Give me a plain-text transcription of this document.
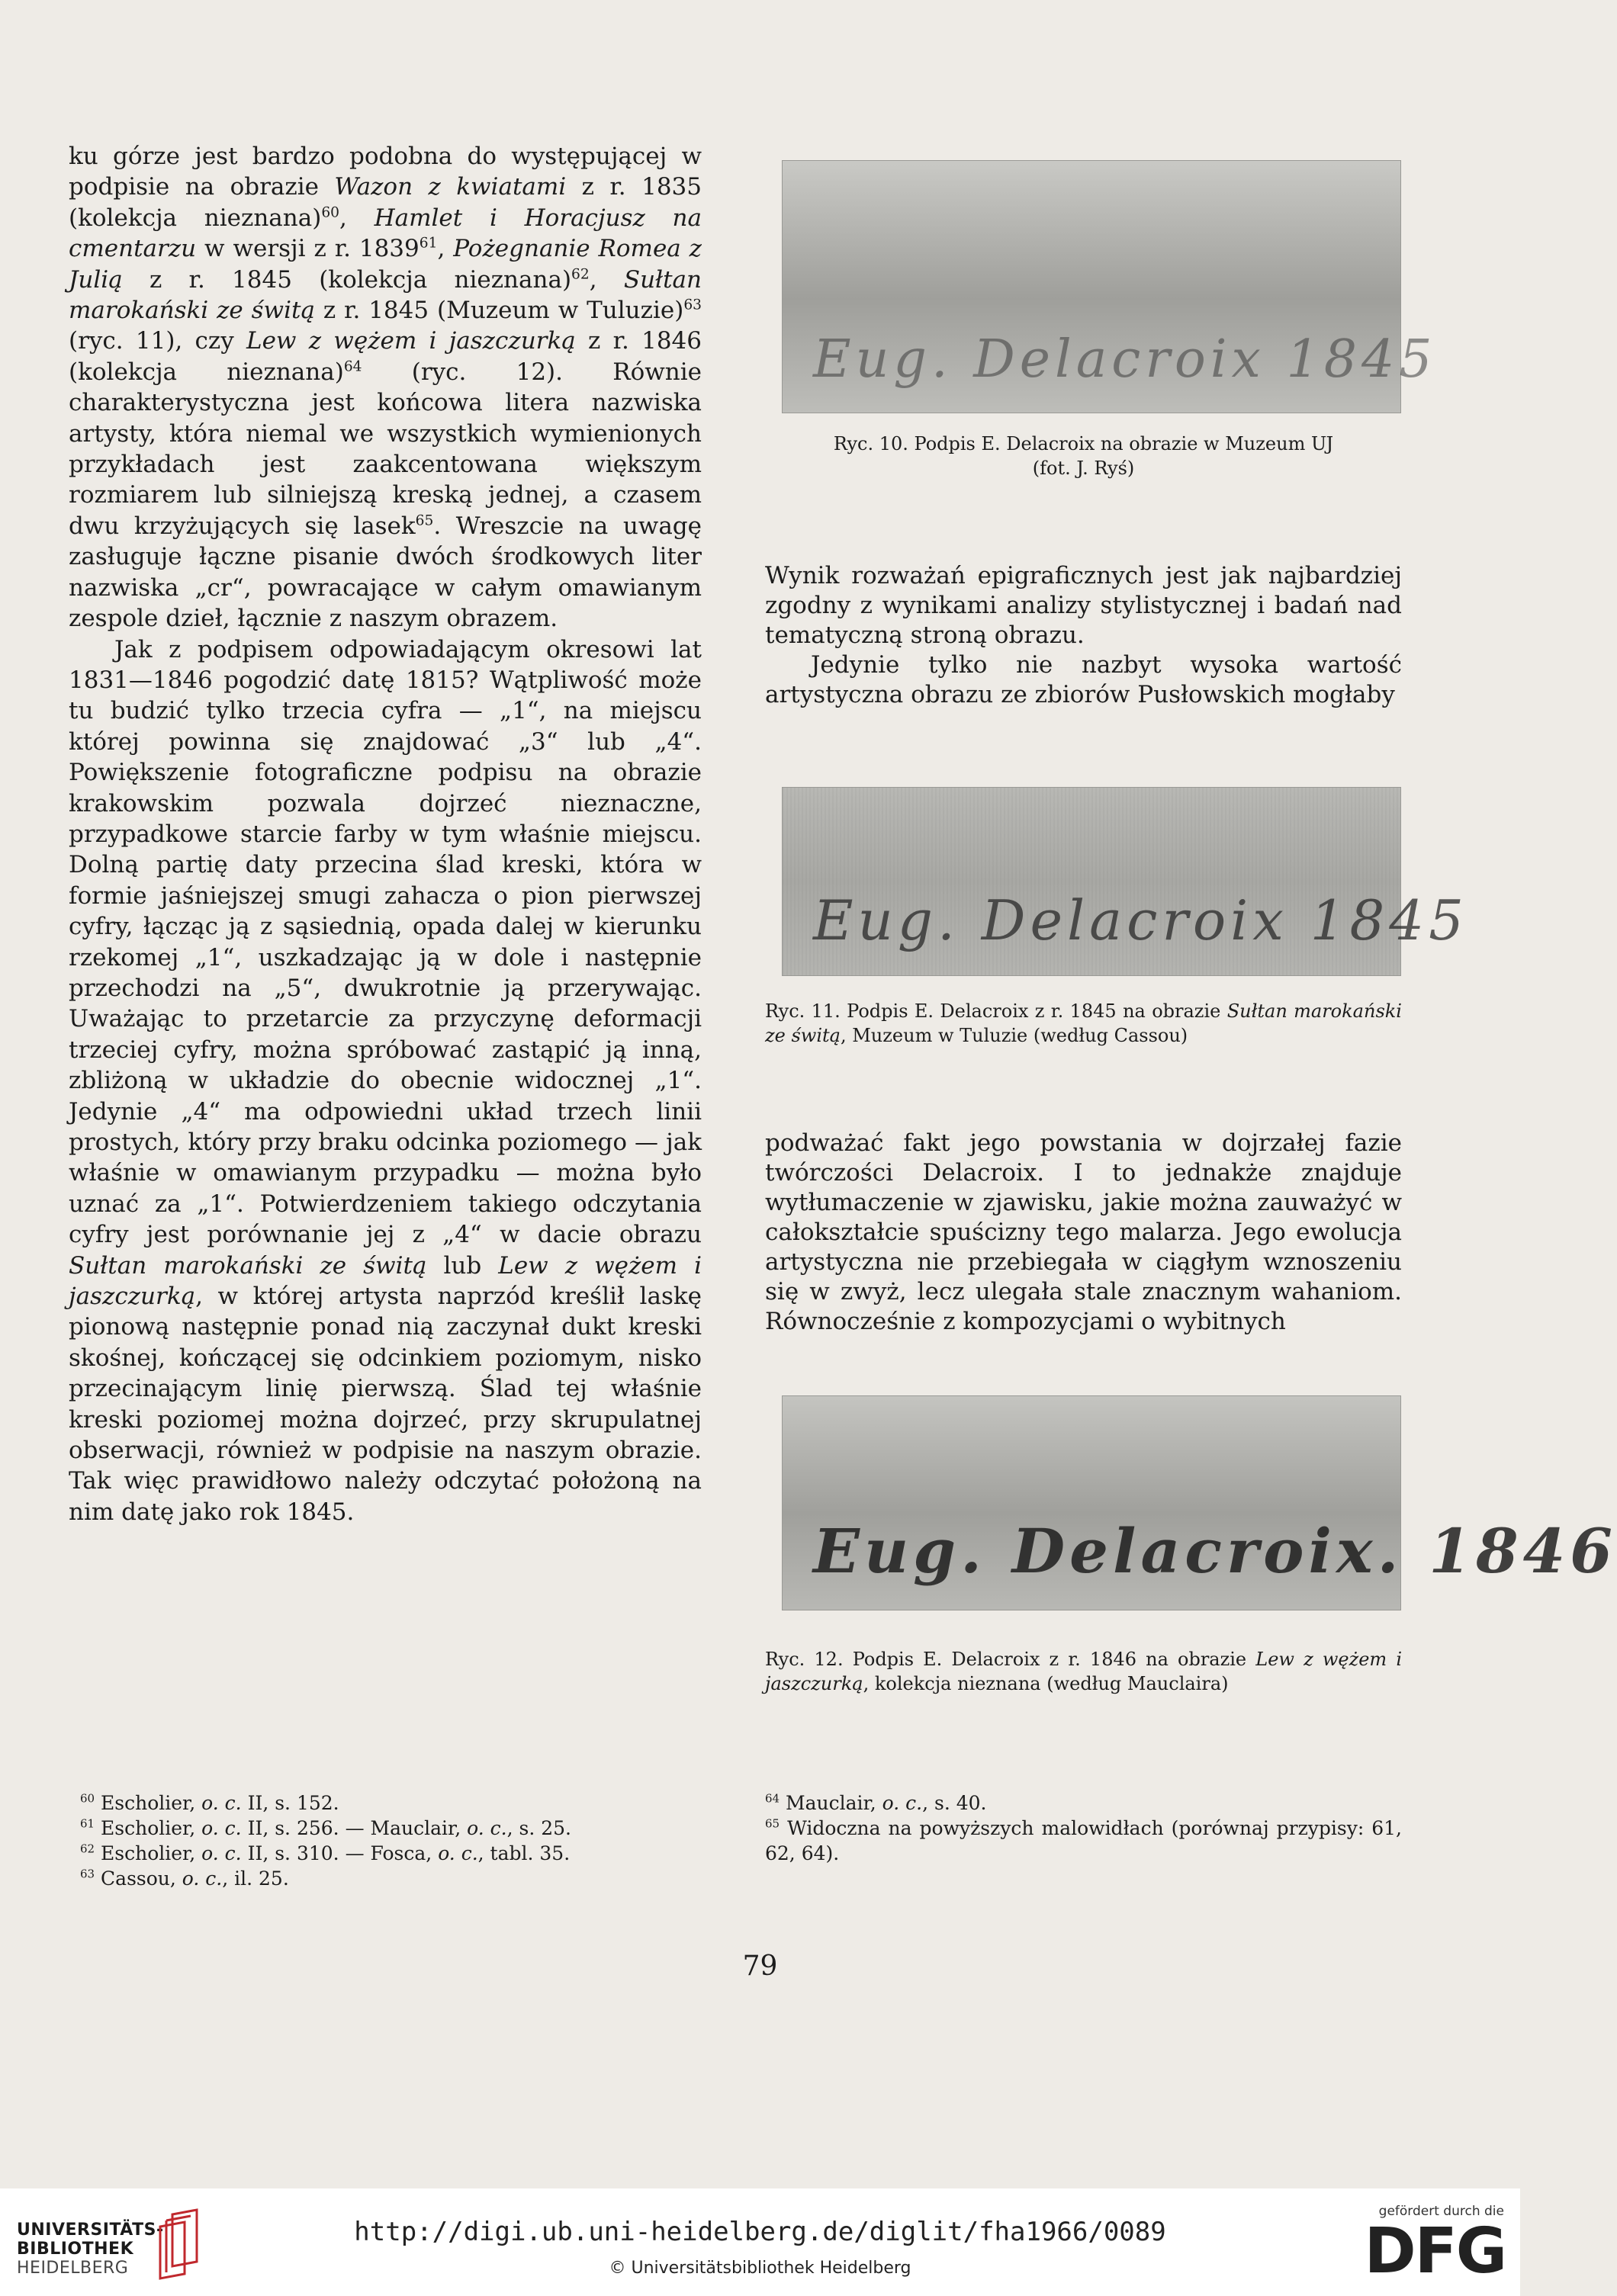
ku górze jest bardzo podobna do występującej w podpisie na obrazie Wazon z kwiatami z r. 1835 (kolekcja nieznana)$^{60}$, Hamlet i Horacjusz na cmentarzu w wersji z r. 1839$^{61}$, Pożegnanie Romea z Julią z r. 1845 (kolekcja nieznana)$^{62}$, Sułtan marokański ze świtą z r. 1845 (Muzeum w Tuluzie)$^{63}$ (ryc. 11), czy Lew z wężem i jaszczurką z r. 1846 (kolekcja nieznana)$^{64}$ (ryc. 12). Równie charakterystyczna jest końcowa litera nazwiska artysty, która niemal we wszystkich wymienionych przykładach jest zaakcentowana większym rozmiarem lub silniejszą kreską jednej, a czasem dwu krzyżujących się lasek$^{65}$. Wreszcie na uwagę zasługuje łączne pisanie dwóch środkowych liter nazwiska „cr“, powracające w całym omawianym zespole dzieł, łącznie z naszym obrazem.

Jak z podpisem odpowiadającym okresowi lat 1831—1846 pogodzić datę 1815? Wątpliwość może tu budzić tylko trzecia cyfra — „1“, na miejscu której powinna się znajdować „3“ lub „4“. Powiększenie fotograficzne podpisu na obrazie krakowskim pozwala dojrzeć nieznaczne, przypadkowe starcie farby w tym właśnie miejscu. Dolną partię daty przecina ślad kreski, która w formie jaśniejszej smugi zahacza o pion pierwszej cyfry, łącząc ją z sąsiednią, opada dalej w kierunku rzekomej „1“, uszkadzając ją w dole i następnie przechodzi na „5“, dwukrotnie ją przerywając. Uważając to przetarcie za przyczynę deformacji trzeciej cyfry, można spróbować zastąpić ją inną, zbliżoną w układzie do obecnie widocznej „1“. Jedynie „4“ ma odpowiedni układ trzech linii prostych, który przy braku odcinka poziomego — jak właśnie w omawianym przypadku — można było uznać za „1“. Potwierdzeniem takiego odczytania cyfry jest porównanie jej z „4“ w dacie obrazu Sułtan marokański ze świtą lub Lew z wężem i jaszczurką, w której artysta naprzód kreślił laskę pionową następnie ponad nią zaczynał dukt kreski skośnej, kończącej się odcinkiem poziomym, nisko przecinającym linię pierwszą. Ślad tej właśnie kreski poziomej można dojrzeć, przy skrupulatnej obserwacji, również w podpisie na naszym obrazie. Tak więc prawidłowo należy odczytać położoną na nim datę jako rok 1845.

Eug. Delacroix 1845
Ryc. 10. Podpis E. Delacroix na obrazie w Muzeum UJ
(fot. J. Ryś)

Wynik rozważań epigraficznych jest jak najbardziej zgodny z wynikami analizy stylistycznej i badań nad tematyczną stroną obrazu.

Jedynie tylko nie nazbyt wysoka wartość artystyczna obrazu ze zbiorów Pusłowskich mogłaby

Eug. Delacroix 1845
Ryc. 11. Podpis E. Delacroix z r. 1845 na obrazie Sułtan marokański ze świtą, Muzeum w Tuluzie (według Cassou)

podważać fakt jego powstania w dojrzałej fazie twórczości Delacroix. I to jednakże znajduje wytłumaczenie w zjawisku, jakie można zauważyć w całokształcie spuścizny tego malarza. Jego ewolucja artystyczna nie przebiegała w ciągłym wznoszeniu się w zwyż, lecz ulegała stale znacznym wahaniom. Równocześnie z kompozycjami o wybitnych

Eug. Delacroix. 1846
Ryc. 12. Podpis E. Delacroix z r. 1846 na obrazie Lew z wężem i jaszczurką, kolekcja nieznana (według Mauclaira)

$^{60}$ Escholier, o. c. II, s. 152.

$^{61}$ Escholier, o. c. II, s. 256. — Mauclair, o. c., s. 25.

$^{62}$ Escholier, o. c. II, s. 310. — Fosca, o. c., tabl. 35.

$^{63}$ Cassou, o. c., il. 25.

$^{64}$ Mauclair, o. c., s. 40.

$^{65}$ Widoczna na powyższych malowidłach (porównaj przypisy: 61, 62, 64).

79
UNIVERSITÄTS-
BIBLIOTHEK
HEIDELBERG
http://digi.ub.uni-heidelberg.de/diglit/fha1966/0089
© Universitätsbibliothek Heidelberg
gefördert durch die
DFG
